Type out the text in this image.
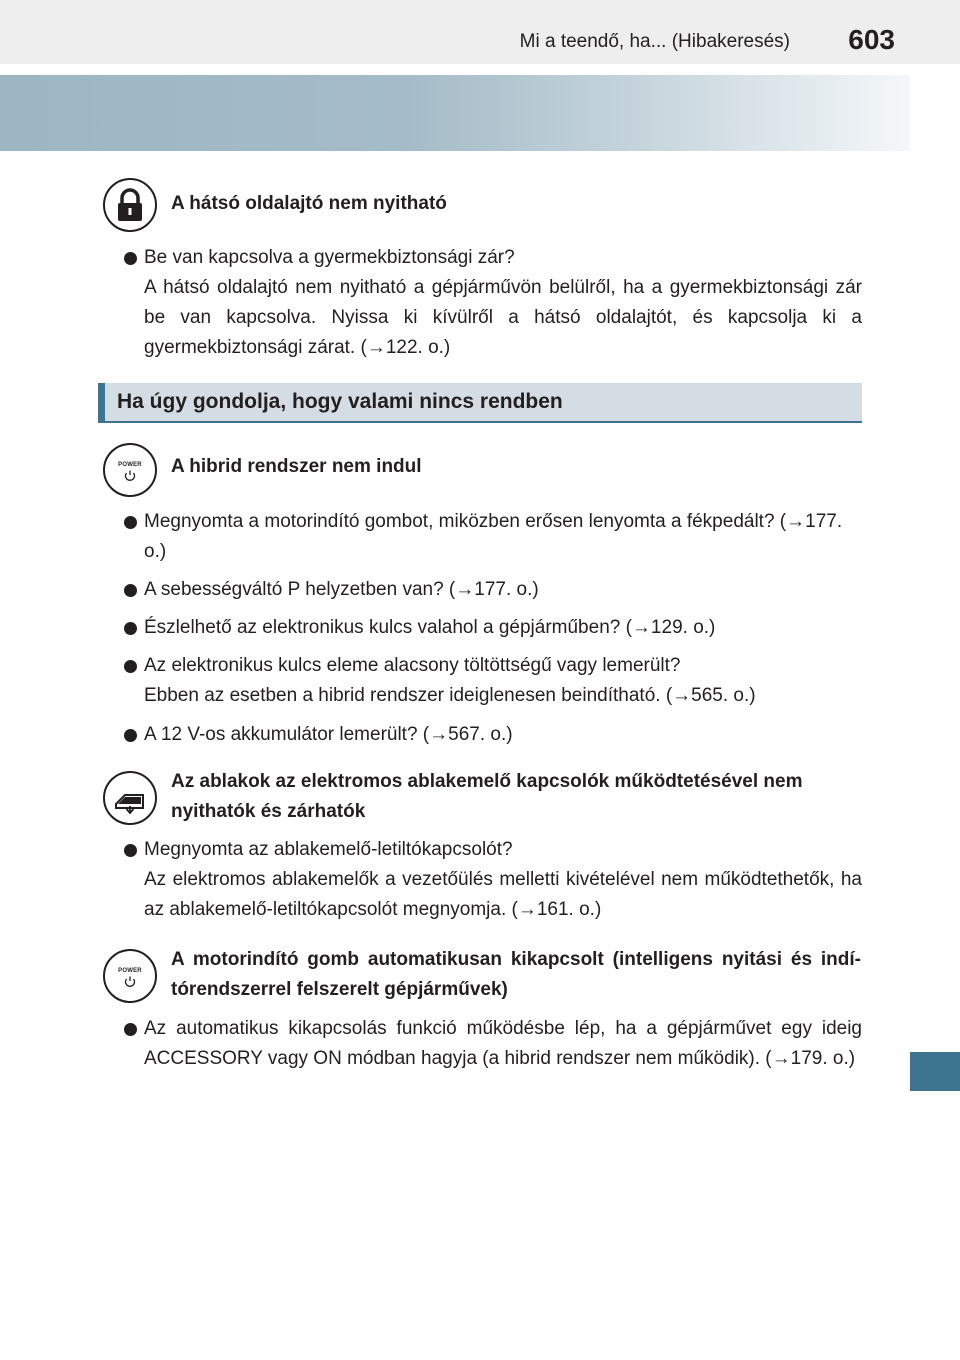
Mi a teendő, ha... (Hibakeresés) 603
A hátsó oldalajtó nem nyitható

Be van kapcsolva a gyermekbiztonsági zár?

A hátsó oldalajtó nem nyitható a gépjárművön belülről, ha a gyermekbiztonsági zár be van kapcsolva. Nyissa ki kívülről a hátsó oldalajtót, és kapcsolja ki a gyermekbiztonsági zárat. (→122. o.)

Ha úgy gondolja, hogy valami nincs rendben
POWER	A hibrid rendszer nem indul

Megnyomta a motorindító gombot, miközben erősen lenyomta a fékpedált? (→177. o.)

A sebességváltó P helyzetben van? (→177. o.)

Észlelhető az elektronikus kulcs valahol a gépjárműben? (→129. o.)

Az elektronikus kulcs eleme alacsony töltöttségű vagy lemerült?

Ebben az esetben a hibrid rendszer ideiglenesen beindítható. (→565. o.)

A 12 V-os akkumulátor lemerült? (→567. o.)

Az ablakok az elektromos ablakemelő kapcsolók működtetésével nem nyithatók és zárhatók

Megnyomta az ablakemelő-letiltókapcsolót?

Az elektromos ablakemelők a vezetőülés melletti kivételével nem működtethetők, ha az ablakemelő-letiltókapcsolót megnyomja. (→161. o.)

POWER
A motorindító gomb automatikusan kikapcsolt (intelligens nyitási és indítórendszerrel felszerelt gépjárművek)

Az automatikus kikapcsolás funkció működésbe lép, ha a gépjárművet egy ideig ACCESSORY vagy ON módban hagyja (a hibrid rendszer nem működik). (→179. o.)
